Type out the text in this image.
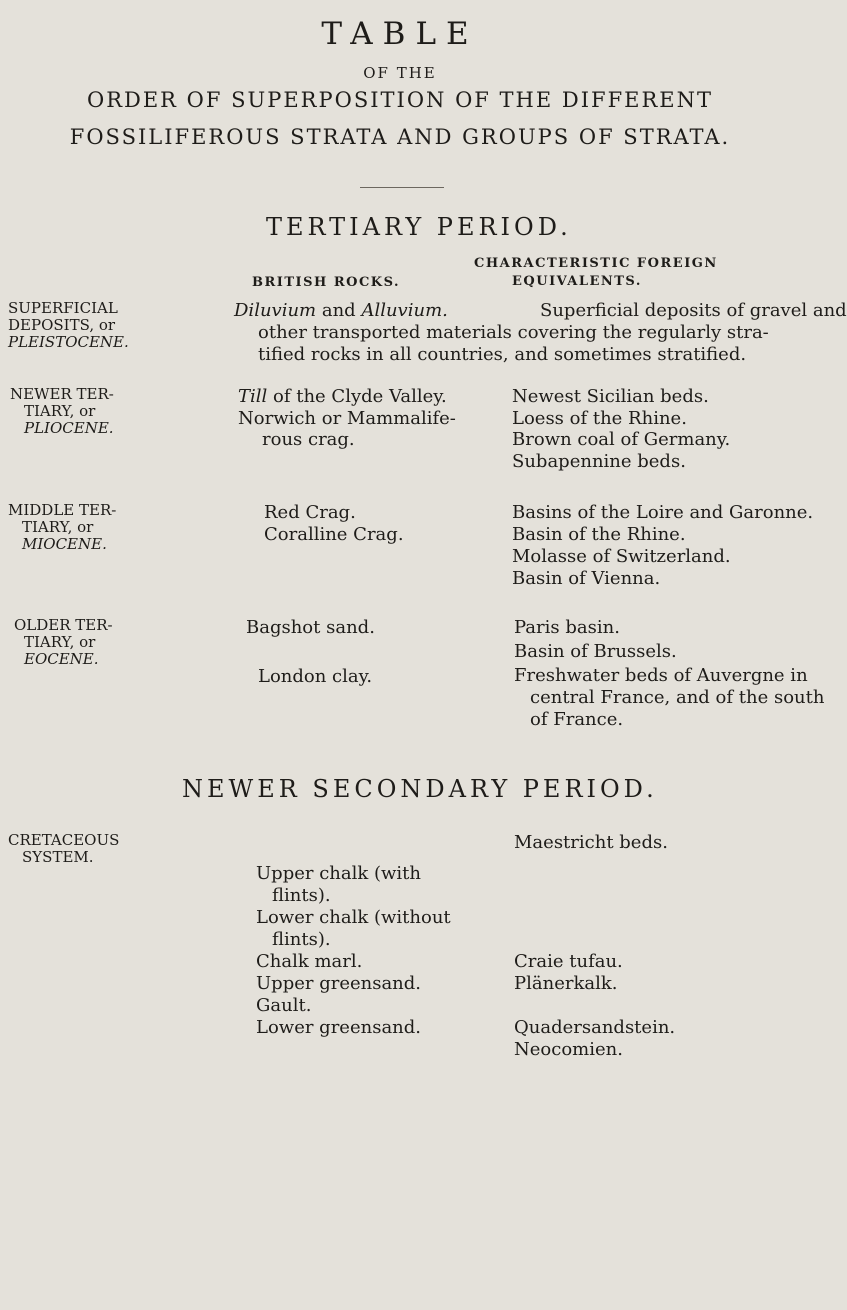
TABLE
OF THE
ORDER OF SUPERPOSITION OF THE DIFFERENT
FOSSILIFEROUS STRATA AND GROUPS OF STRATA.
TERTIARY PERIOD.
BRITISH ROCKS.
CHARACTERISTIC FOREIGN
EQUIVALENTS.
SUPERFICIAL
DEPOSITS, or
PLEISTOCENE.
Diluvium and Alluvium.	Superficial deposits of gravel and
other transported materials covering the regularly stra-
tified rocks in all countries, and sometimes stratified.
NEWER TER-
TIARY, or
PLIOCENE.
Till of the Clyde Valley.
Norwich or Mammalife-
rous crag.
Newest Sicilian beds.
Loess of the Rhine.
Brown coal of Germany.
Subapennine beds.
MIDDLE TER-
TIARY, or
MIOCENE.
Red Crag.
Coralline Crag.
Basins of the Loire and Garonne.
Basin of the Rhine.
Molasse of Switzerland.
Basin of Vienna.
OLDER TER-
TIARY, or
EOCENE.
Bagshot sand.
London clay.
Paris basin.
Basin of Brussels.
Freshwater beds of Auvergne in
central France, and of the south
of France.
NEWER SECONDARY PERIOD.
CRETACEOUS
SYSTEM.
Maestricht beds.
Upper chalk (with
flints).
Lower chalk (without
flints).
Chalk marl.
Upper greensand.
Gault.
Lower greensand.
Craie tufau.
Plänerkalk.
Quadersandstein.
Neocomien.
